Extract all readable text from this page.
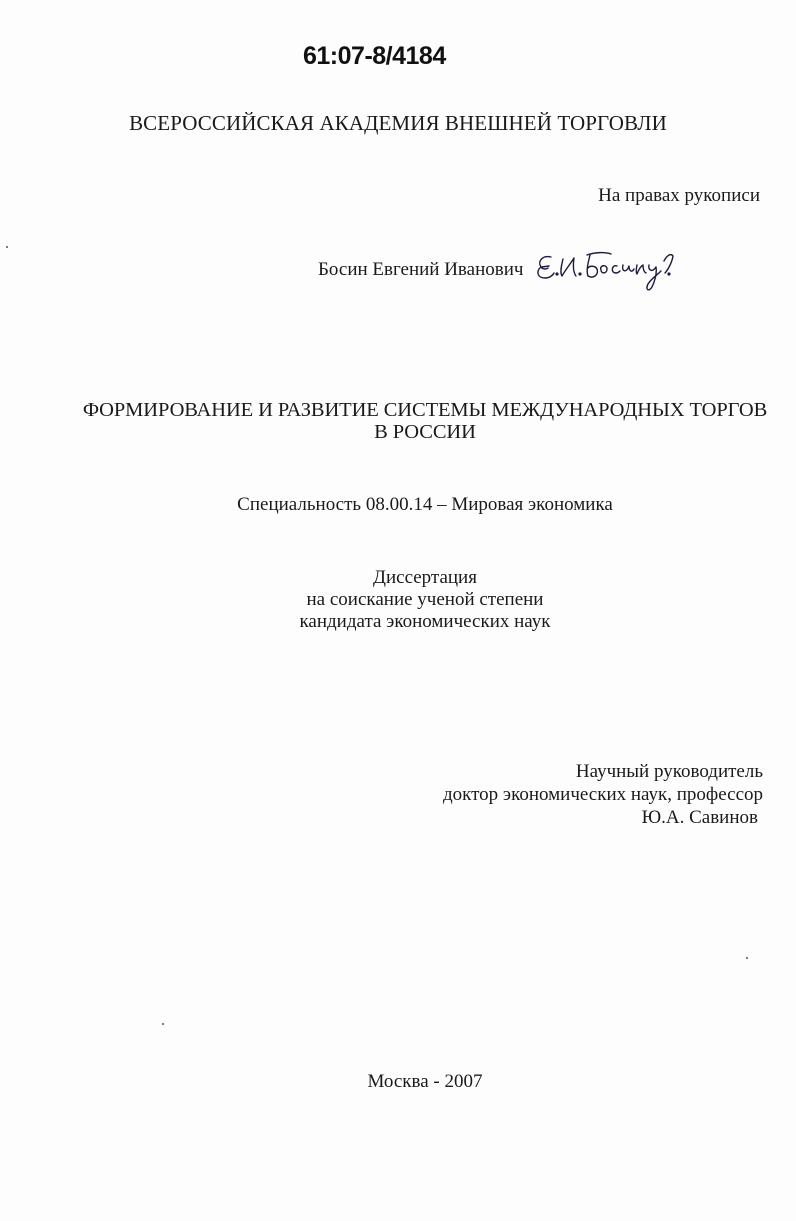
61:07-8/4184
ВСЕРОССИЙСКАЯ АКАДЕМИЯ ВНЕШНЕЙ ТОРГОВЛИ
На правах рукописи
Босин Евгений Иванович
ФОРМИРОВАНИЕ И РАЗВИТИЕ СИСТЕМЫ МЕЖДУНАРОДНЫХ ТОРГОВ
В РОССИИ
Специальность 08.00.14 – Мировая экономика
Диссертация
на соискание ученой степени
кандидата экономических наук
Научный руководитель
доктор экономических наук, профессор
Ю.А. Савинов
Москва - 2007
